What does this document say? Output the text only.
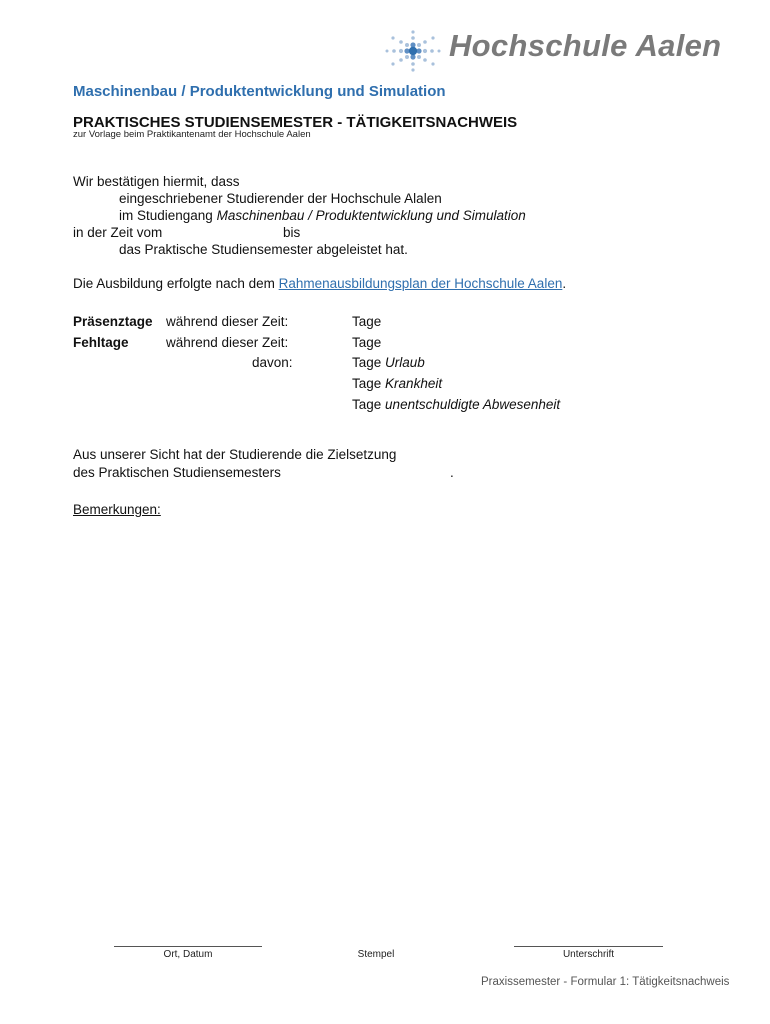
Hochschule Aalen
Maschinenbau / Produktentwicklung und Simulation
PRAKTISCHES STUDIENSEMESTER - TÄTIGKEITSNACHWEIS
zur Vorlage beim Praktikantenamt der Hochschule Aalen
Wir bestätigen hiermit, dass
eingeschriebener Studierender der Hochschule Alalen
im Studiengang Maschinenbau / Produktentwicklung und Simulation
in der Zeit vom	bis
das Praktische Studiensemester abgeleistet hat.
Die Ausbildung erfolgte nach dem Rahmenausbildungsplan der Hochschule Aalen.
Präsenztage während dieser Zeit:	Tage
Fehltage	während dieser Zeit:	Tage
davon:	Tage Urlaub
Tage Krankheit
Tage unentschuldigte Abwesenheit
Aus unserer Sicht hat der Studierende die Zielsetzung
des Praktischen Studiensemesters	.
Bemerkungen:
Ort, Datum	Stempel	Unterschrift
Praxissemester - Formular 1: Tätigkeitsnachweis
